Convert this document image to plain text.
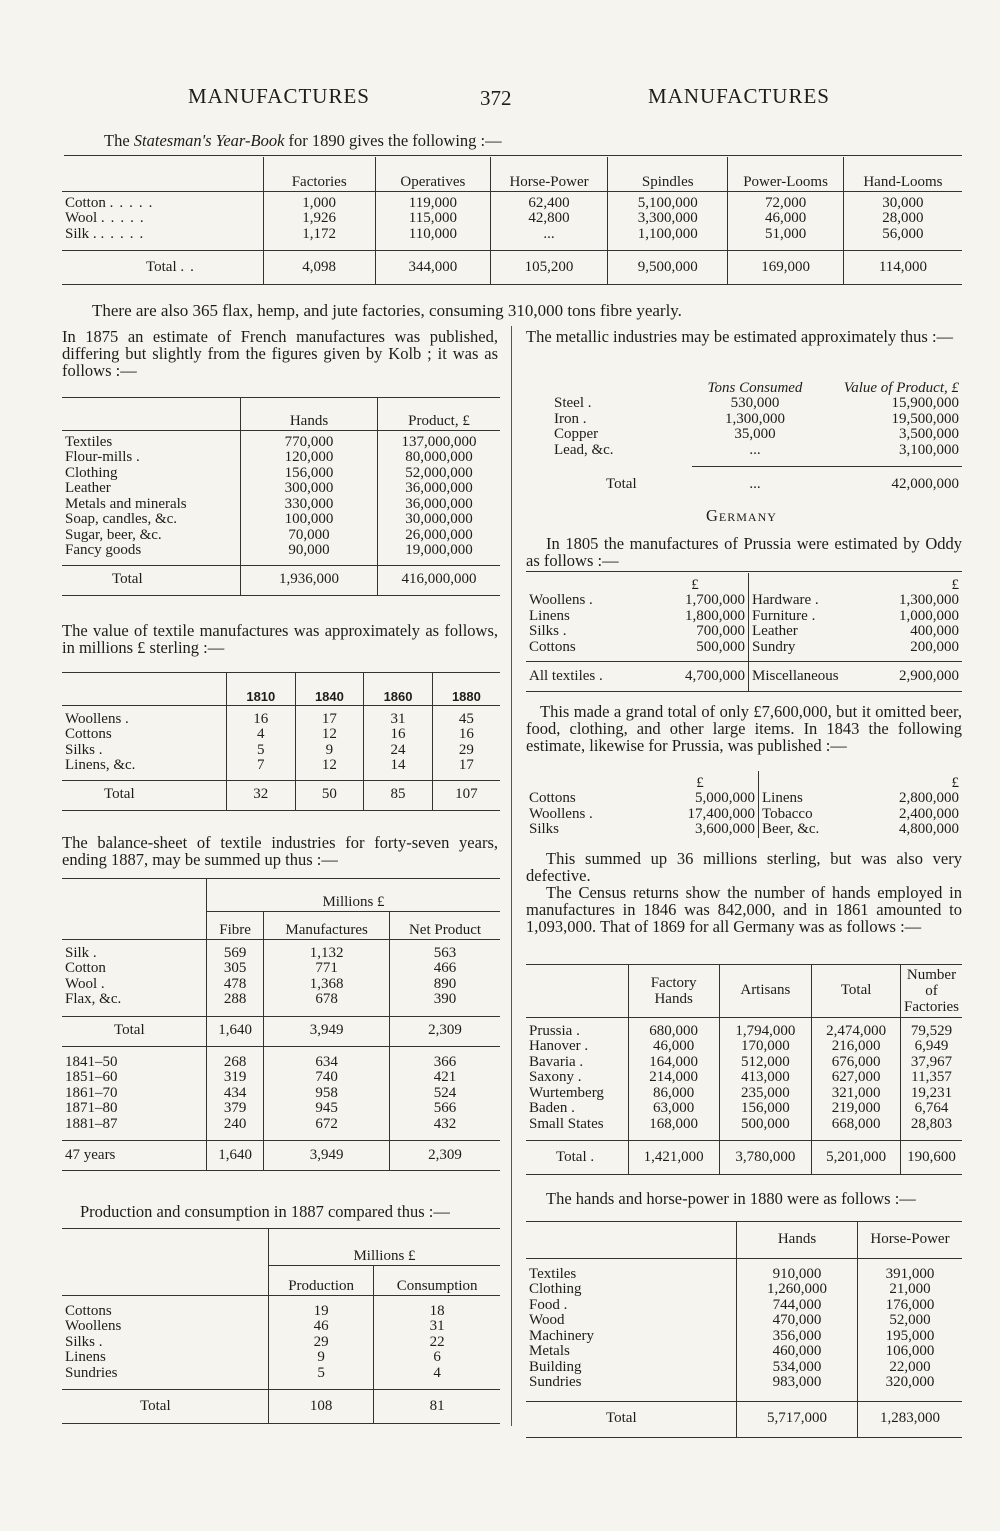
MANUFACTURES	372	MANUFACTURES
The Statesman's Year-Book for 1890 gives the following :—
	Factories	Operatives	Horse-Power	Spindles	Power-Looms	Hand-Looms
Cotton .....	1,000	119,000	62,400	5,100,000	72,000	30,000
Wool .....	1,926	115,000	42,800	3,300,000	46,000	28,000
Silk . .....	1,172	110,000	...	1,100,000	51,000	56,000
Total ..	4,098	344,000	105,200	9,500,000	169,000	114,000
There are also 365 flax, hemp, and jute factories, consuming 310,000 tons fibre yearly.
In 1875 an estimate of French manufactures was published, differing but slightly from the figures given by Kolb ; it was as follows :—
	Hands	Product, £
Textiles	770,000	137,000,000
Flour-mills .	120,000	80,000,000
Clothing	156,000	52,000,000
Leather	300,000	36,000,000
Metals and minerals	330,000	36,000,000
Soap, candles, &c.	100,000	30,000,000
Sugar, beer, &c.	70,000	26,000,000
Fancy goods	90,000	19,000,000
Total	1,936,000	416,000,000
The value of textile manufactures was approximately as follows, in millions £ sterling :—
	1810	1840	1860	1880
Woollens .	16	17	31	45
Cottons	4	12	16	16
Silks .	5	9	24	29
Linens, &c.	7	12	14	17
Total	32	50	85	107
The balance-sheet of textile industries for forty-seven years, ending 1887, may be summed up thus :—
	Millions £		
	Fibre	Manufactures	Net Product
Silk .	569	1,132	563
Cotton	305	771	466
Wool .	478	1,368	890
Flax, &c.	288	678	390
Total	1,640	3,949	2,309
1841–50	268	634	366
1851–60	319	740	421
1861–70	434	958	524
1871–80	379	945	566
1881–87	240	672	432
47 years	1,640	3,949	2,309
Production and consumption in 1887 compared thus :—
	Millions £	
	Production	Consumption
Cottons	19	18
Woollens	46	31
Silks .	29	22
Linens	9	6
Sundries	5	4
Total	108	81
The metallic industries may be estimated approximately thus :—
	Tons Consumed	Value of Product, £
Steel .	530,000	15,900,000
Iron .	1,300,000	19,500,000
Copper	35,000	3,500,000
Lead, &c.	...	3,100,000
Total	...	42,000,000
Germany
In 1805 the manufactures of Prussia were estimated by Oddy as follows :—
	£		£
Woollens .	1,700,000	Hardware .	1,300,000
Linens	1,800,000	Furniture .	1,000,000
Silks .	700,000	Leather	400,000
Cottons	500,000	Sundry	200,000
All textiles .	4,700,000	Miscellaneous	2,900,000
This made a grand total of only £7,600,000, but it omitted beer, food, clothing, and other large items. In 1843 the following estimate, likewise for Prussia, was published :—
	£		£
Cottons	5,000,000	Linens	2,800,000
Woollens .	17,400,000	Tobacco	2,400,000
Silks	3,600,000	Beer, &c.	4,800,000
This summed up 36 millions sterling, but was also very defective.
The Census returns show the number of hands employed in manufactures in 1846 was 842,000, and in 1861 amounted to 1,093,000. That of 1869 for all Germany was as follows :—
	Factory Hands	Artisans	Total	Number of Factories
Prussia .	680,000	1,794,000	2,474,000	79,529
Hanover .	46,000	170,000	216,000	6,949
Bavaria .	164,000	512,000	676,000	37,967
Saxony .	214,000	413,000	627,000	11,357
Wurtemberg	86,000	235,000	321,000	19,231
Baden .	63,000	156,000	219,000	6,764
Small States	168,000	500,000	668,000	28,803
Total .	1,421,000	3,780,000	5,201,000	190,600
The hands and horse-power in 1880 were as follows :—
	Hands	Horse-Power
Textiles	910,000	391,000
Clothing	1,260,000	21,000
Food .	744,000	176,000
Wood	470,000	52,000
Machinery	356,000	195,000
Metals	460,000	106,000
Building	534,000	22,000
Sundries	983,000	320,000
Total	5,717,000	1,283,000
